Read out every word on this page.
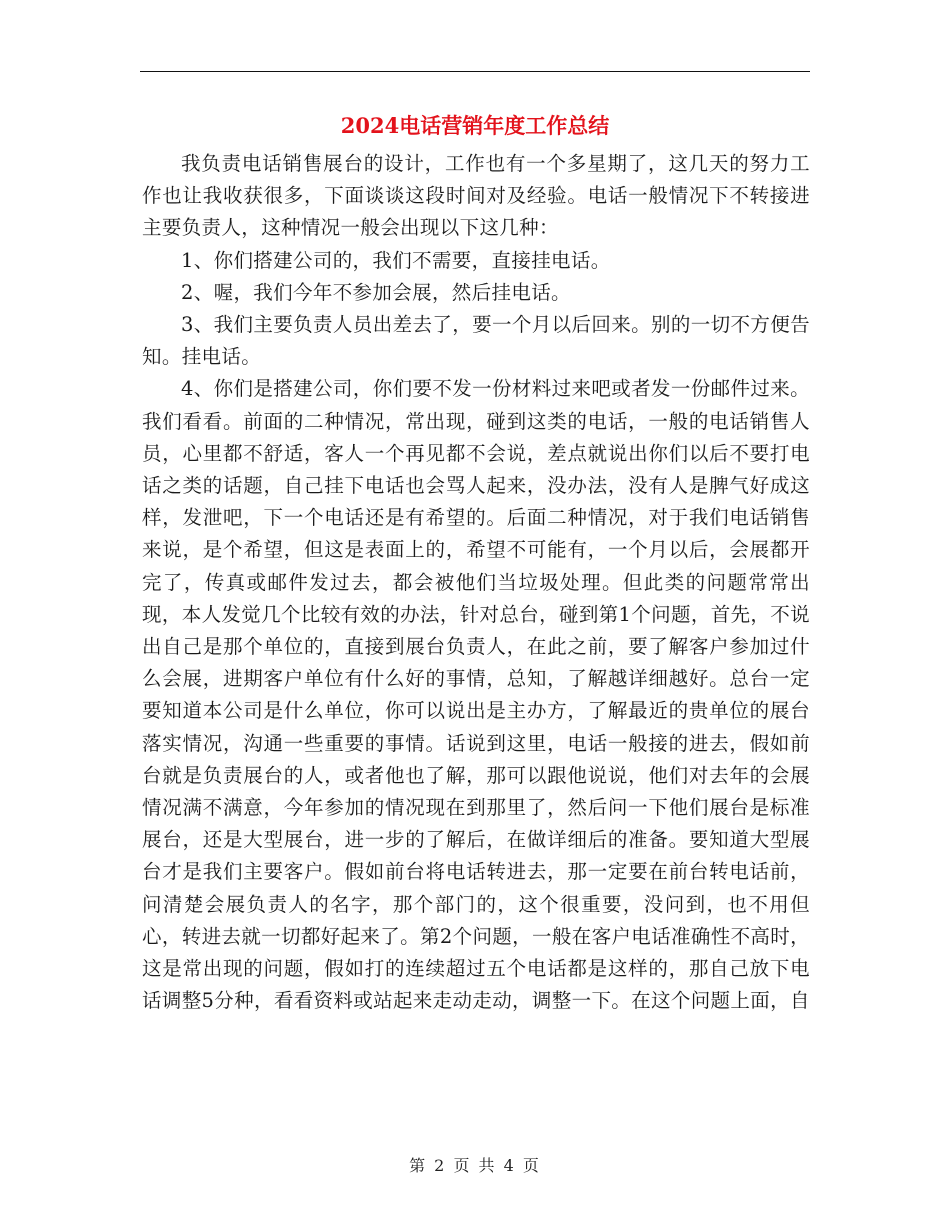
2024电话营销年度工作总结

我负责电话销售展台的设计，工作也有一个多星期了，这几天的努力工作也让我收获很多，下面谈谈这段时间对及经验。电话一般情况下不转接进主要负责人，这种情况一般会出现以下这几种：

1、你们搭建公司的，我们不需要，直接挂电话。

2、喔，我们今年不参加会展，然后挂电话。

3、我们主要负责人员出差去了，要一个月以后回来。别的一切不方便告知。挂电话。

4、你们是搭建公司，你们要不发一份材料过来吧或者发一份邮件过来。我们看看。前面的二种情况，常出现，碰到这类的电话，一般的电话销售人员，心里都不舒适，客人一个再见都不会说，差点就说出你们以后不要打电话之类的话题，自己挂下电话也会骂人起来，没办法，没有人是脾气好成这样，发泄吧，下一个电话还是有希望的。后面二种情况，对于我们电话销售来说，是个希望，但这是表面上的，希望不可能有，一个月以后，会展都开完了，传真或邮件发过去，都会被他们当垃圾处理。但此类的问题常常出现，本人发觉几个比较有效的办法，针对总台，碰到第1个问题，首先，不说出自己是那个单位的，直接到展台负责人，在此之前，要了解客户参加过什么会展，进期客户单位有什么好的事情，总知，了解越详细越好。总台一定要知道本公司是什么单位，你可以说出是主办方，了解最近的贵单位的展台落实情况，沟通一些重要的事情。话说到这里，电话一般接的进去，假如前台就是负责展台的人，或者他也了解，那可以跟他说说，他们对去年的会展情况满不满意，今年参加的情况现在到那里了，然后问一下他们展台是标准展台，还是大型展台，进一步的了解后，在做详细后的准备。要知道大型展台才是我们主要客户。假如前台将电话转进去，那一定要在前台转电话前，问清楚会展负责人的名字，那个部门的，这个很重要，没问到，也不用但心，转进去就一切都好起来了。第2个问题，一般在客户电话准确性不高时，这是常出现的问题，假如打的连续超过五个电话都是这样的，那自己放下电话调整5分种，看看资料或站起来走动走动，调整一下。在这个问题上面，自

第 2 页 共 4 页
